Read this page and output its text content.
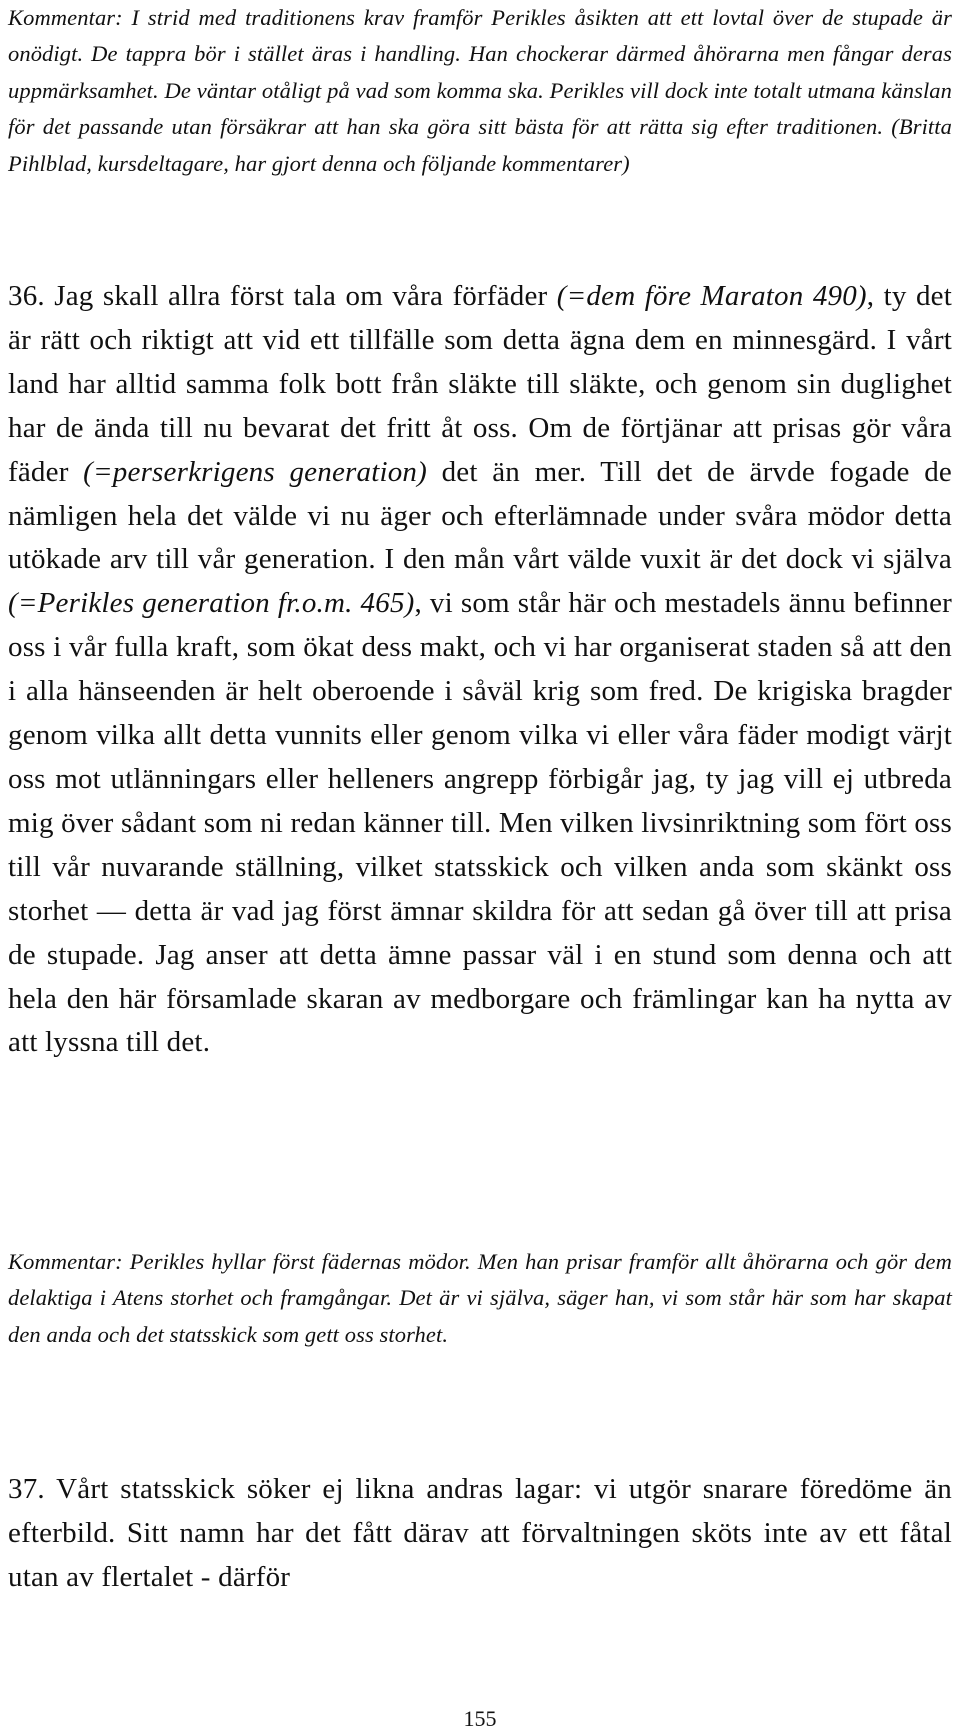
Kommentar: I strid med traditionens krav framför Perikles åsikten att ett lovtal över de stupade är onödigt. De tappra bör i stället äras i handling. Han chockerar därmed åhörarna men fångar deras uppmärksamhet. De väntar otåligt på vad som komma ska. Perikles vill dock inte totalt utmana känslan för det passande utan försäkrar att han ska göra sitt bästa för att rätta sig efter traditionen. (Britta Pihlblad, kursdeltagare, har gjort denna och följande kommentarer)

36. Jag skall allra först tala om våra förfäder (=dem före Maraton 490), ty det är rätt och riktigt att vid ett tillfälle som detta ägna dem en minnesgärd. I vårt land har alltid samma folk bott från släkte till släkte, och genom sin duglighet har de ända till nu bevarat det fritt åt oss. Om de förtjänar att prisas gör våra fäder (=perserkrigens generation) det än mer. Till det de ärvde fogade de nämligen hela det välde vi nu äger och efterlämnade under svåra mödor detta utökade arv till vår generation. I den mån vårt välde vuxit är det dock vi själva (=Perikles generation fr.o.m. 465), vi som står här och mestadels ännu befinner oss i vår fulla kraft, som ökat dess makt, och vi har organiserat staden så att den i alla hänseenden är helt oberoende i såväl krig som fred. De krigiska bragder genom vilka allt detta vunnits eller genom vilka vi eller våra fäder modigt värjt oss mot utlänningars eller helleners angrepp förbigår jag, ty jag vill ej utbreda mig över sådant som ni redan känner till. Men vilken livsinriktning som fört oss till vår nuvarande ställning, vilket statsskick och vilken anda som skänkt oss storhet — detta är vad jag först ämnar skildra för att sedan gå över till att prisa de stupade. Jag anser att detta ämne passar väl i en stund som denna och att hela den här församlade skaran av medborgare och främlingar kan ha nytta av att lyssna till det.

Kommentar: Perikles hyllar först fädernas mödor. Men han prisar framför allt åhörarna och gör dem delaktiga i Atens storhet och framgångar. Det är vi själva, säger han, vi som står här som har skapat den anda och det statsskick som gett oss storhet.

37. Vårt statsskick söker ej likna andras lagar: vi utgör snarare föredöme än efterbild. Sitt namn har det fått därav att förvaltningen sköts inte av ett fåtal utan av flertalet - därför

155
